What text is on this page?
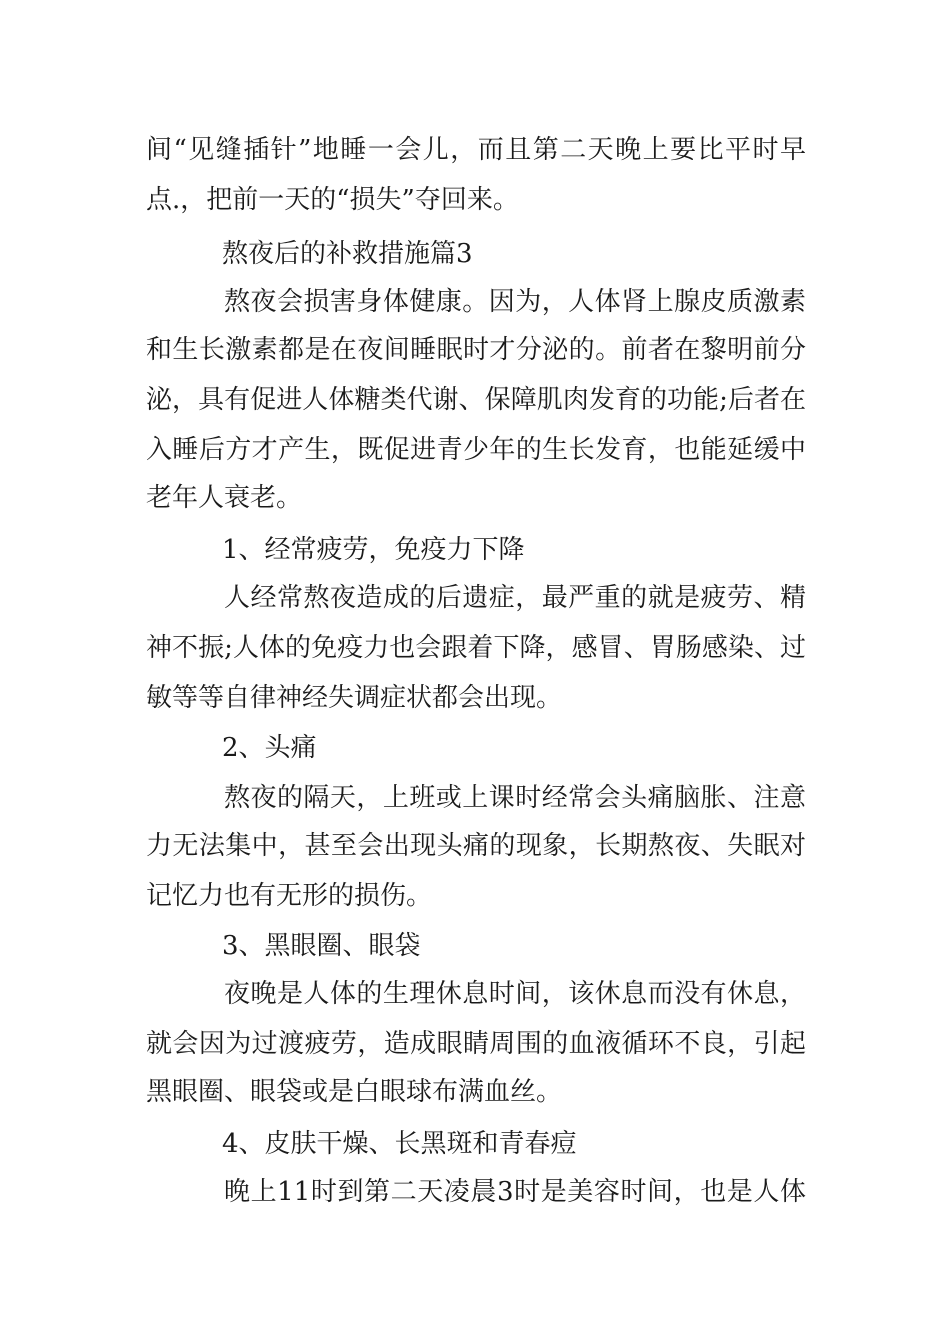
间“见缝插针”地睡一会儿，而且第二天晚上要比平时早
点.，把前一天的“损失”夺回来。
熬夜后的补救措施篇3
熬夜会损害身体健康。因为，人体肾上腺皮质激素
和生长激素都是在夜间睡眠时才分泌的。前者在黎明前分
泌，具有促进人体糖类代谢、保障肌肉发育的功能;后者在
入睡后方才产生，既促进青少年的生长发育，也能延缓中
老年人衰老。
1、经常疲劳，免疫力下降
人经常熬夜造成的后遗症，最严重的就是疲劳、精
神不振;人体的免疫力也会跟着下降，感冒、胃肠感染、过
敏等等自律神经失调症状都会出现。
2、头痛
熬夜的隔天，上班或上课时经常会头痛脑胀、注意
力无法集中，甚至会出现头痛的现象，长期熬夜、失眠对
记忆力也有无形的损伤。
3、黑眼圈、眼袋
夜晚是人体的生理休息时间，该休息而没有休息，
就会因为过渡疲劳，造成眼睛周围的血液循环不良，引起
黑眼圈、眼袋或是白眼球布满血丝。
4、皮肤干燥、长黑斑和青春痘
晚上11时到第二天凌晨3时是美容时间，也是人体
